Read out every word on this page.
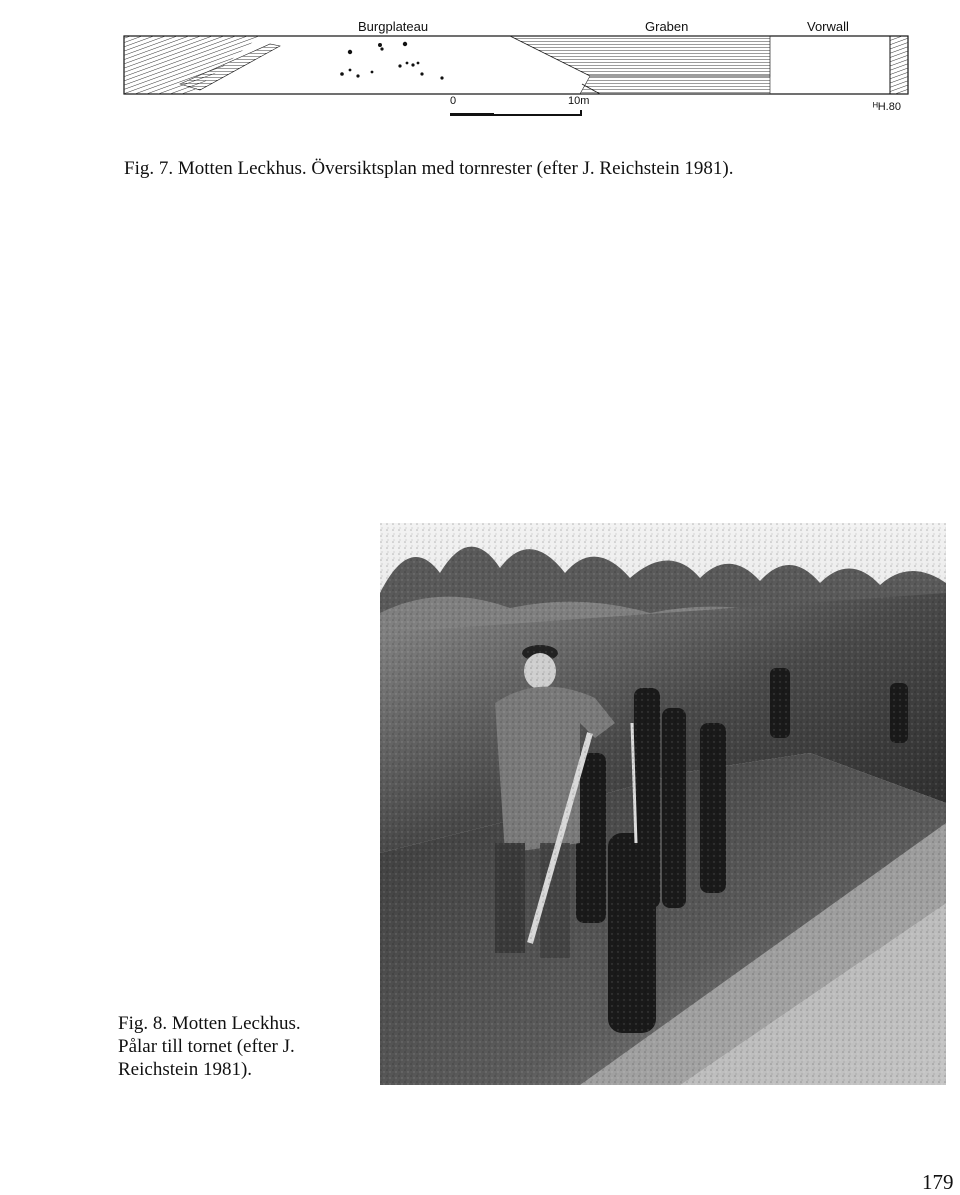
Burgplateau	Graben	Vorwall
0	10m	ᴴH.80
Fig. 7. Motten Leckhus. Översiktsplan med tornrester (efter J. Reichstein 1981).
Fig. 8. Motten Leckhus.
Pålar till tornet (efter J.
Reichstein 1981).
179
